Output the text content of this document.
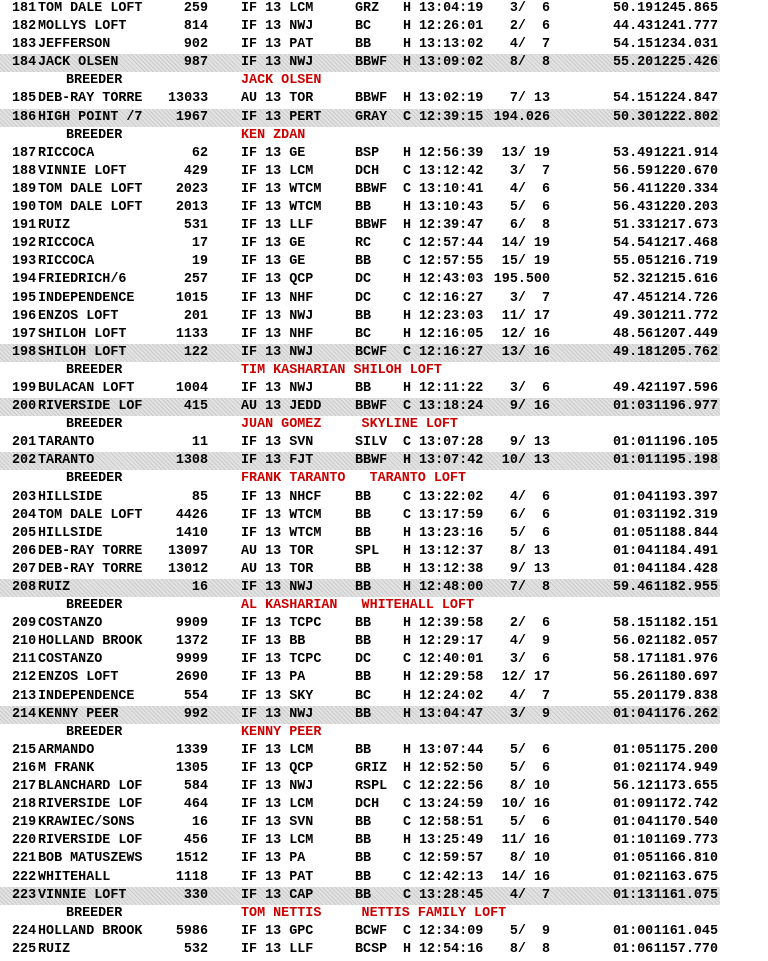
181 TOM DALE LOFT	259 IF 13 LCM	GRZ H 13:04:19	3/  6	50.19 1245.865
182 MOLLYS LOFT	814 IF 13 NWJ	BC H 12:26:01	2/  6	44.43 1241.777
183 JEFFERSON	902 IF 13 PAT	BB H 13:13:02	4/  7	54.15 1234.031
184 JACK OLSEN	987 IF 13 NWJ	BBWF H 13:09:02	8/  8	55.20 1225.426
BREEDER	JACK OLSEN
185 DEB-RAY TORRE 13033 AU 13 TOR	BBWF H 13:02:19	7/ 13	54.15 1224.847
186 HIGH POINT /7	1967 IF 13 PERT	GRAY C 12:39:15 194.026	50.30 1222.802
BREEDER	KEN ZDAN
187 RICCOCA	62 IF 13 GE	BSP H 12:56:39	13/ 19	53.49 1221.914
188 VINNIE LOFT	429 IF 13 LCM	DCH C 13:12:42	3/  7	56.59 1220.670
189 TOM DALE LOFT	2023 IF 13 WTCM	BBWF C 13:10:41	4/  6	56.41 1220.334
190 TOM DALE LOFT	2013 IF 13 WTCM	BB H 13:10:43	5/  6	56.43 1220.203
191 RUIZ	531 IF 13 LLF	BBWF H 12:39:47	6/  8	51.33 1217.673
192 RICCOCA	17 IF 13 GE	RC C 12:57:44	14/ 19	54.54 1217.468
193 RICCOCA	19 IF 13 GE	BB C 12:57:55	15/ 19	55.05 1216.719
194 FRIEDRICH/6	257 IF 13 QCP	DC H 12:43:03 195.500	52.32 1215.616
195 INDEPENDENCE	1015 IF 13 NHF	DC C 12:16:27	3/  7	47.45 1214.726
196 ENZOS LOFT	201 IF 13 NWJ	BB H 12:23:03	11/ 17	49.30 1211.772
197 SHILOH LOFT	1133 IF 13 NHF	BC H 12:16:05	12/ 16	48.56 1207.449
198 SHILOH LOFT	122 IF 13 NWJ	BCWF C 12:16:27	13/ 16	49.18 1205.762
BREEDER	TIM KASHARIAN SHILOH LOFT
199 BULACAN LOFT	1004 IF 13 NWJ	BB H 12:11:22	3/  6	49.42 1197.596
200 RIVERSIDE LOF	415 AU 13 JEDD	BBWF C 13:18:24	9/ 16	01:03 1196.977
BREEDER	JUAN GOMEZ     SKYLINE LOFT
201 TARANTO	11 IF 13 SVN	SILV C 13:07:28	9/ 13	01:01 1196.105
202 TARANTO	1308 IF 13 FJT	BBWF H 13:07:42	10/ 13	01:01 1195.198
BREEDER	FRANK TARANTO   TARANTO LOFT
203 HILLSIDE	85 IF 13 NHCF	BB C 13:22:02	4/  6	01:04 1193.397
204 TOM DALE LOFT	4426 IF 13 WTCM	BB C 13:17:59	6/  6	01:03 1192.319
205 HILLSIDE	1410 IF 13 WTCM	BB H 13:23:16	5/  6	01:05 1188.844
206 DEB-RAY TORRE 13097 AU 13 TOR	SPL H 13:12:37	8/ 13	01:04 1184.491
207 DEB-RAY TORRE 13012 AU 13 TOR	BB H 13:12:38	9/ 13	01:04 1184.428
208 RUIZ	16 IF 13 NWJ	BB H 12:48:00	7/  8	59.46 1182.955
BREEDER	AL KASHARIAN   WHITEHALL LOFT
209 COSTANZO	9909 IF 13 TCPC	BB H 12:39:58	2/  6	58.15 1182.151
210 HOLLAND BROOK	1372 IF 13 BB	BB H 12:29:17	4/  9	56.02 1182.057
211 COSTANZO	9999 IF 13 TCPC	DC C 12:40:01	3/  6	58.17 1181.976
212 ENZOS LOFT	2690 IF 13 PA	BB H 12:29:58	12/ 17	56.26 1180.697
213 INDEPENDENCE	554 IF 13 SKY	BC H 12:24:02	4/  7	55.20 1179.838
214 KENNY PEER	992 IF 13 NWJ	BB H 13:04:47	3/  9	01:04 1176.262
BREEDER	KENNY PEER
215 ARMANDO	1339 IF 13 LCM	BB H 13:07:44	5/  6	01:05 1175.200
216 M FRANK	1305 IF 13 QCP	GRIZ H 12:52:50	5/  6	01:02 1174.949
217 BLANCHARD LOF	584 IF 13 NWJ	RSPL C 12:22:56	8/ 10	56.12 1173.655
218 RIVERSIDE LOF	464 IF 13 LCM	DCH C 13:24:59	10/ 16	01:09 1172.742
219 KRAWIEC/SONS	16 IF 13 SVN	BB C 12:58:51	5/  6	01:04 1170.540
220 RIVERSIDE LOF	456 IF 13 LCM	BB H 13:25:49	11/ 16	01:10 1169.773
221 BOB MATUSZEWS	1512 IF 13 PA	BB C 12:59:57	8/ 10	01:05 1166.810
222 WHITEHALL	1118 IF 13 PAT	BB C 12:42:13	14/ 16	01:02 1163.675
223 VINNIE LOFT	330 IF 13 CAP	BB C 13:28:45	4/  7	01:13 1161.075
BREEDER	TOM NETTIS     NETTIS FAMILY LOFT
224 HOLLAND BROOK	5986 IF 13 GPC	BCWF C 12:34:09	5/  9	01:00 1161.045
225 RUIZ	532 IF 13 LLF	BCSP H 12:54:16	8/  8	01:06 1157.770
